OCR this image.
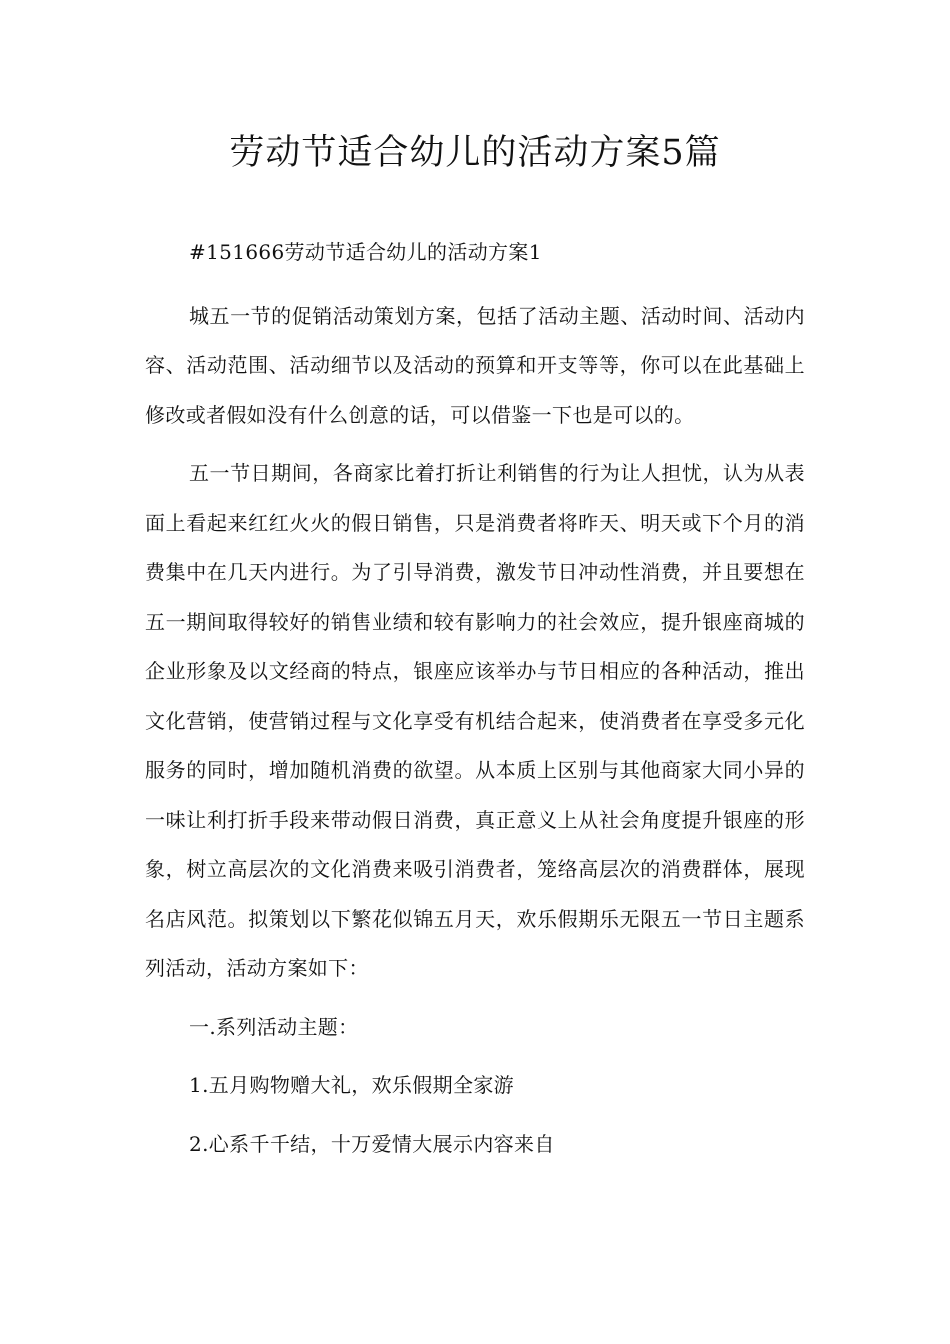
劳动节适合幼儿的活动方案5篇

#151666劳动节适合幼儿的活动方案1

城五一节的促销活动策划方案，包括了活动主题、活动时间、活动内容、活动范围、活动细节以及活动的预算和开支等等，你可以在此基础上修改或者假如没有什么创意的话，可以借鉴一下也是可以的。

五一节日期间，各商家比着打折让利销售的行为让人担忧，认为从表面上看起来红红火火的假日销售，只是消费者将昨天、明天或下个月的消费集中在几天内进行。为了引导消费，激发节日冲动性消费，并且要想在五一期间取得较好的销售业绩和较有影响力的社会效应，提升银座商城的企业形象及以文经商的特点，银座应该举办与节日相应的各种活动，推出文化营销，使营销过程与文化享受有机结合起来，使消费者在享受多元化服务的同时，增加随机消费的欲望。从本质上区别与其他商家大同小异的一味让利打折手段来带动假日消费，真正意义上从社会角度提升银座的形象，树立高层次的文化消费来吸引消费者，笼络高层次的消费群体，展现名店风范。拟策划以下繁花似锦五月天，欢乐假期乐无限五一节日主题系列活动，活动方案如下：

一.系列活动主题：

1.五月购物赠大礼，欢乐假期全家游

2.心系千千结，十万爱情大展示内容来自
